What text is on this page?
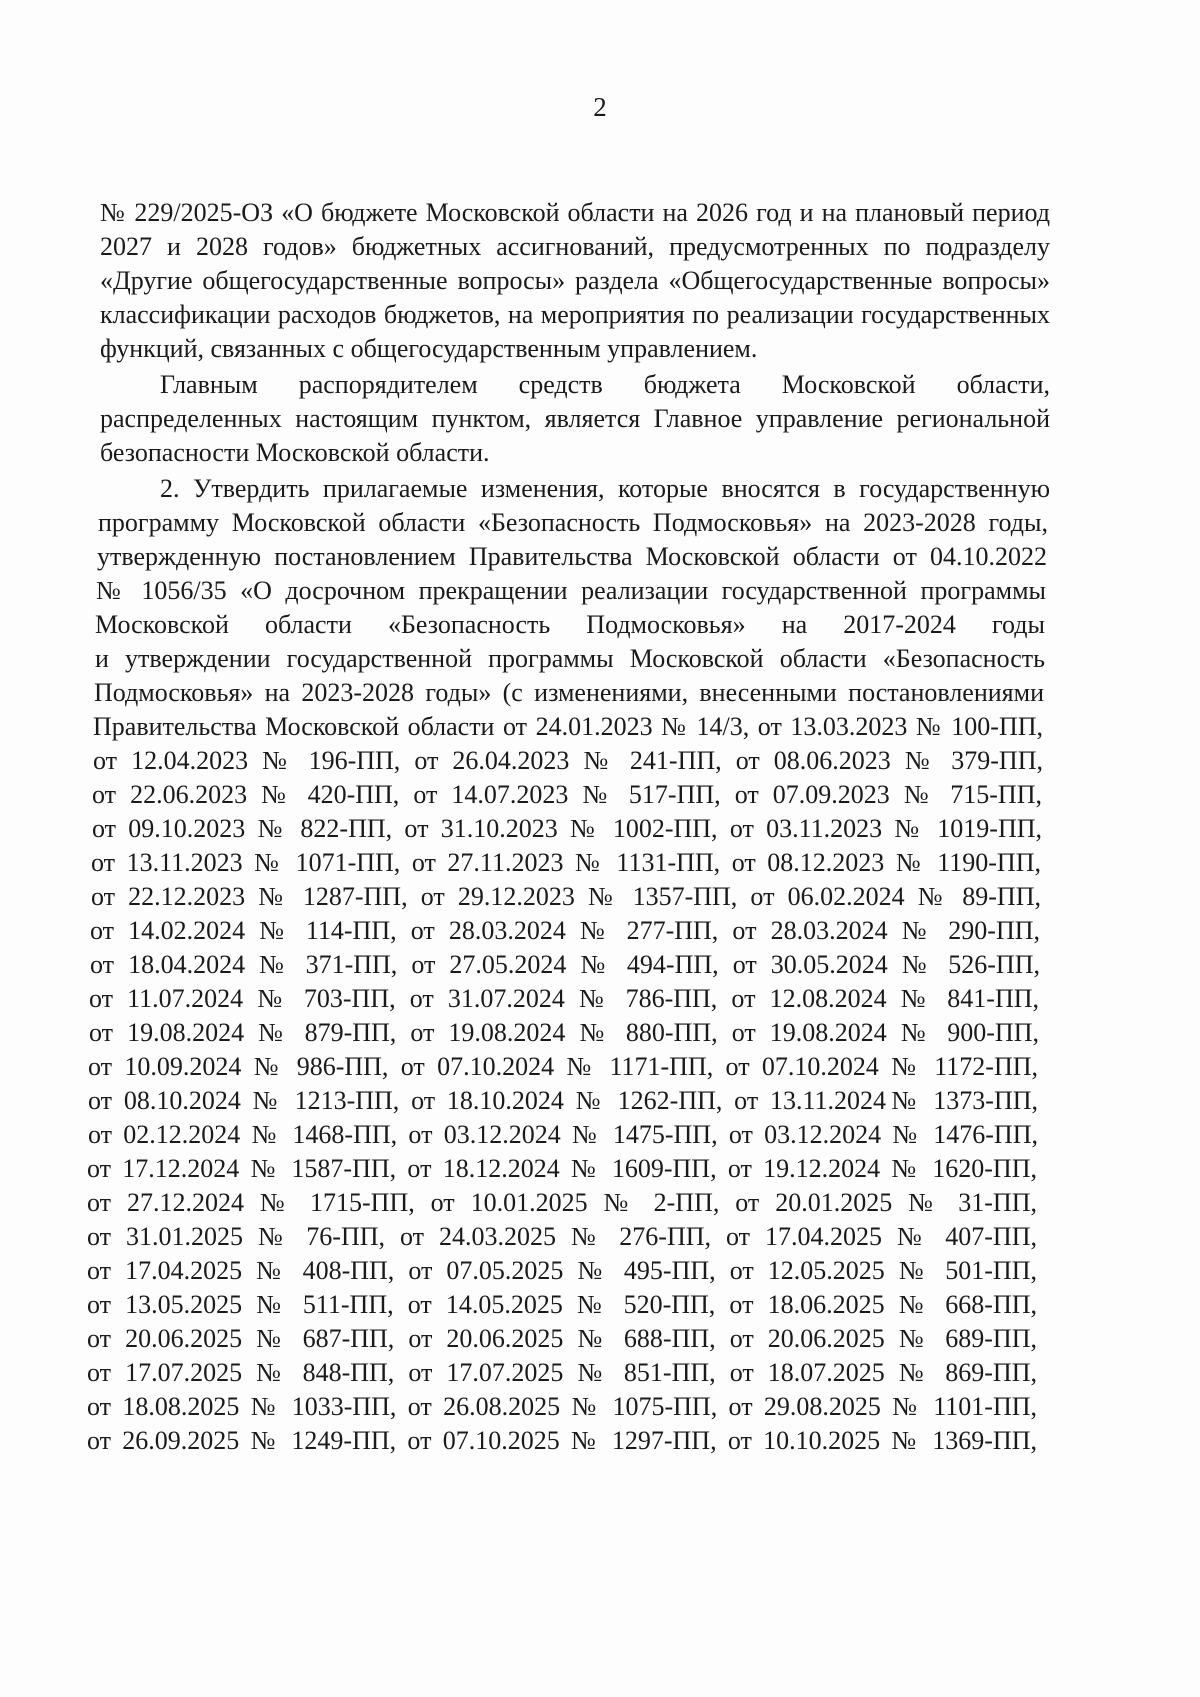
2
№ 229/2025-ОЗ «О бюджете Московской области на 2026 год и на плановый период
2027 и 2028 годов» бюджетных ассигнований, предусмотренных по подразделу
«Другие общегосударственные вопросы» раздела «Общегосударственные вопросы»
классификации расходов бюджетов, на мероприятия по реализации государственных
функций, связанных с общегосударственным управлением.
Главным распорядителем средств бюджета Московской области,
распределенных настоящим пунктом, является Главное управление региональной
безопасности Московской области.
2. Утвердить прилагаемые изменения, которые вносятся в государственную
программу Московской области «Безопасность Подмосковья» на 2023-2028 годы,
утвержденную постановлением Правительства Московской области от 04.10.2022
№ 1056/35 «О досрочном прекращении реализации государственной программы
Московской области «Безопасность Подмосковья» на 2017-2024 годы
и утверждении государственной программы Московской области «Безопасность
Подмосковья» на 2023-2028 годы» (с изменениями, внесенными постановлениями
Правительства Московской области от 24.01.2023 № 14/3, от 13.03.2023 № 100-ПП,
от 12.04.2023 № 196-ПП, от 26.04.2023 № 241-ПП, от 08.06.2023 № 379-ПП,
от 22.06.2023 № 420-ПП, от 14.07.2023 № 517-ПП, от 07.09.2023 № 715-ПП,
от 09.10.2023 № 822-ПП, от 31.10.2023 № 1002-ПП, от 03.11.2023 № 1019-ПП,
от 13.11.2023 № 1071-ПП, от 27.11.2023 № 1131-ПП, от 08.12.2023 № 1190-ПП,
от 22.12.2023 № 1287-ПП, от 29.12.2023 № 1357-ПП, от 06.02.2024 № 89-ПП,
от 14.02.2024 № 114-ПП, от 28.03.2024 № 277-ПП, от 28.03.2024 № 290-ПП,
от 18.04.2024 № 371-ПП, от 27.05.2024 № 494-ПП, от 30.05.2024 № 526-ПП,
от 11.07.2024 № 703-ПП, от 31.07.2024 № 786-ПП, от 12.08.2024 № 841-ПП,
от 19.08.2024 № 879-ПП, от 19.08.2024 № 880-ПП, от 19.08.2024 № 900-ПП,
от 10.09.2024 № 986-ПП, от 07.10.2024 № 1171-ПП, от 07.10.2024 № 1172-ПП,
от 08.10.2024 № 1213-ПП, от 18.10.2024 № 1262-ПП, от 13.11.2024№ 1373-ПП,
от 02.12.2024 № 1468-ПП, от 03.12.2024 № 1475-ПП, от 03.12.2024 № 1476-ПП,
от 17.12.2024 № 1587-ПП, от 18.12.2024 № 1609-ПП, от 19.12.2024 № 1620-ПП,
от 27.12.2024 № 1715-ПП, от 10.01.2025 № 2-ПП, от 20.01.2025 № 31-ПП,
от 31.01.2025 № 76-ПП, от 24.03.2025 № 276-ПП, от 17.04.2025 № 407-ПП,
от 17.04.2025 № 408-ПП, от 07.05.2025 № 495-ПП, от 12.05.2025 № 501-ПП,
от 13.05.2025 № 511-ПП, от 14.05.2025 № 520-ПП, от 18.06.2025 № 668-ПП,
от 20.06.2025 № 687-ПП, от 20.06.2025 № 688-ПП, от 20.06.2025 № 689-ПП,
от 17.07.2025 № 848-ПП, от 17.07.2025 № 851-ПП, от 18.07.2025 № 869-ПП,
от 18.08.2025 № 1033-ПП, от 26.08.2025 № 1075-ПП, от 29.08.2025 № 1101-ПП,
от 26.09.2025 № 1249-ПП, от 07.10.2025 № 1297-ПП, от 10.10.2025 № 1369-ПП,
